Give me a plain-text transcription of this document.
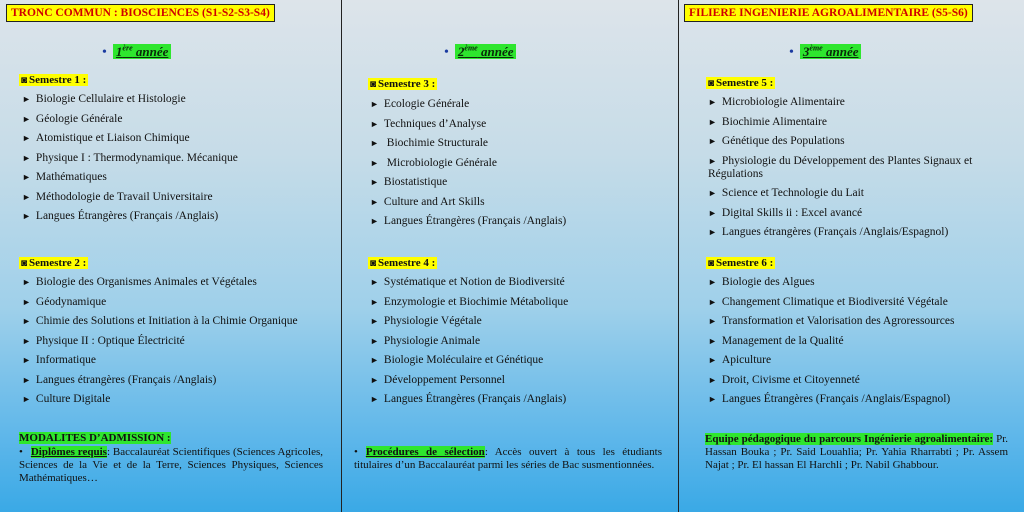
TRONC COMMUN : BIOSCIENCES (S1-S2-S3-S4)
• 1ère année
◙ Semestre 1 :
► Biologie Cellulaire et Histologie
► Géologie Générale
► Atomistique et Liaison Chimique
► Physique I : Thermodynamique. Mécanique
► Mathématiques
► Méthodologie de Travail Universitaire
► Langues Étrangères (Français /Anglais)
◙ Semestre 2 :
► Biologie des Organismes Animales et Végétales
► Géodynamique
► Chimie des Solutions et Initiation à la Chimie Organique
► Physique II : Optique Électricité
► Informatique
► Langues étrangères (Français /Anglais)
► Culture Digitale
MODALITES D’ADMISSION :
• Diplômes requis: Baccalauréat Scientifiques (Sciences Agricoles, Sciences de la Vie et de la Terre, Sciences Physiques, Sciences Mathématiques…
• 2ème année
◙ Semestre 3 :
► Ecologie Générale
► Techniques d’Analyse
► Biochimie Structurale
► Microbiologie Générale
► Biostatistique
► Culture and Art Skills
► Langues Étrangères (Français /Anglais)
◙ Semestre 4 :
► Systématique et Notion de Biodiversité
► Enzymologie et Biochimie Métabolique
► Physiologie Végétale
► Physiologie Animale
► Biologie Moléculaire et Génétique
► Développement Personnel
► Langues Étrangères (Français /Anglais)
• Procédures de sélection: Accès ouvert à tous les étudiants titulaires d’un Baccalauréat parmi les séries de Bac susmentionnées.
FILIERE INGENIERIE AGROALIMENTAIRE (S5-S6)
• 3ème année
◙ Semestre 5 :
► Microbiologie Alimentaire
► Biochimie Alimentaire
► Génétique des Populations
► Physiologie du Développement des Plantes Signaux et Régulations
► Science et Technologie du Lait
► Digital Skills ii : Excel avancé
► Langues étrangères (Français /Anglais/Espagnol)
◙ Semestre 6 :
► Biologie des Algues
► Changement Climatique et Biodiversité Végétale
► Transformation et Valorisation des Agroressources
► Management de la Qualité
► Apiculture
► Droit, Civisme et Citoyenneté
► Langues Étrangères (Français /Anglais/Espagnol)
Equipe pédagogique du parcours Ingénierie agroalimentaire: Pr. Hassan Bouka ; Pr. Said Louahlia; Pr. Yahia Rharrabti ; Pr. Assem Najat ; Pr. El hassan El Harchli ; Pr. Nabil Ghabbour.
